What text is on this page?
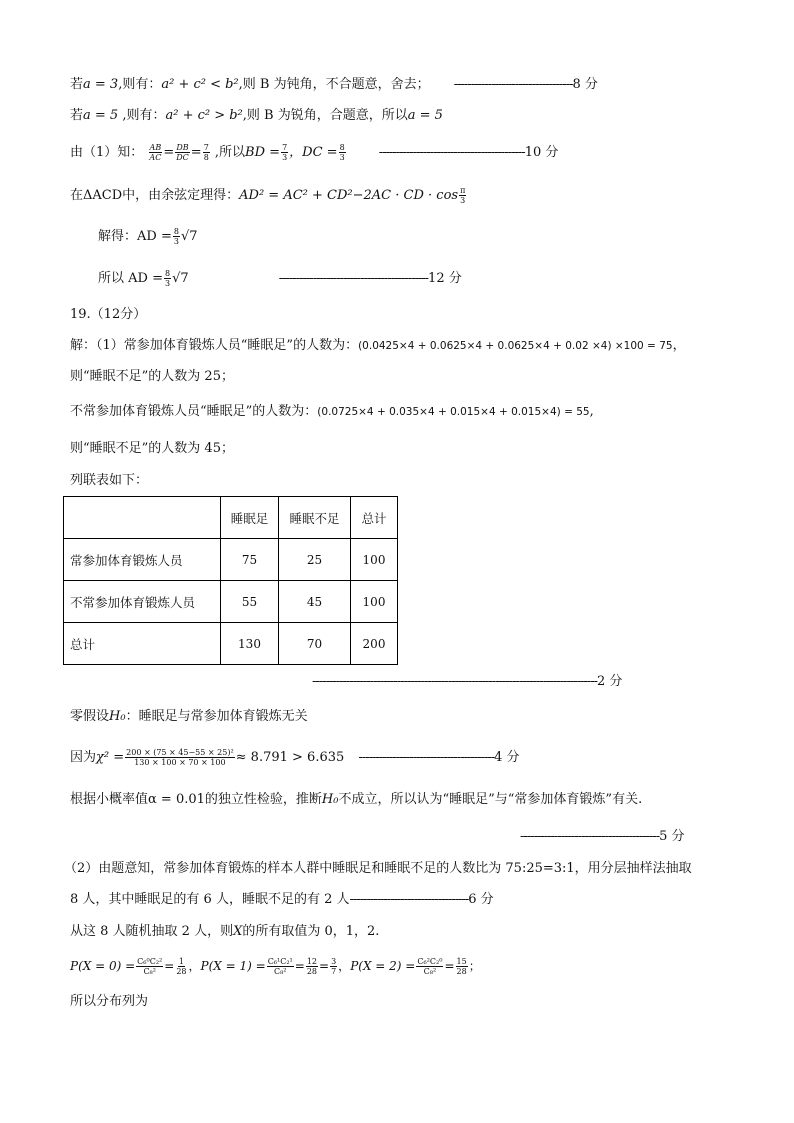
若a = 3,则有：a² + c² < b²,则 B 为钝角，不合题意，舍去； -----------------------------------8 分
若a = 5 ,则有：a² + c² > b²,则 B 为锐角，合题意，所以a = 5
由（1）知： $\frac{AB}{AC} = \frac{DB}{DC} = \frac{7}{8}$ ,所以BD = $\frac{7}{3}$ ，DC = $\frac{8}{3}$	-------------------------------------------10 分
在ΔACD中，由余弦定理得：AD² = AC² + CD²−2AC · CD · $\cos \frac{\pi}{3}$
解得：AD = $\frac{8}{3} √7$
所以 AD = $\frac{8}{3} √7$	--------------------------------------------12 分
19.（12分）
解：（1）常参加体育锻炼人员“睡眠足”的人数为：(0.0425×4 + 0.0625×4 + 0.0625×4 + 0.02 ×4) ×100 = 75，
则“睡眠不足”的人数为 25；
不常参加体育锻炼人员“睡眠足”的人数为：(0.0725×4 + 0.035×4 + 0.015×4 + 0.015×4) = 55,
则“睡眠不足”的人数为 45；
列联表如下：
	睡眠足	睡眠不足	总计
常参加体育锻炼人员	75	25	100
不常参加体育锻炼人员	55	45	100
总计	130	70	200
------------------------------------------------------------------------------------2 分
零假设H₀：睡眠足与常参加体育锻炼无关
因为$\chi^2 = \frac{\text{200 × (75 × 45−55 × 25)²}}{130 \times 100 \times 70 \times 100} \approx 8.791 > 6.635$ ----------------------------------------4 分
根据小概率值α = 0.01的独立性检验，推断H₀不成立，所以认为“睡眠足”与“常参加体育锻炼”有关.
-----------------------------------------5 分
（2）由题意知，常参加体育锻炼的样本人群中睡眠足和睡眠不足的人数比为 75:25=3:1，用分层抽样法抽取
8 人，其中睡眠足的有 6 人，睡眠不足的有 2 人-----------------------------------6 分
从这 8 人随机抽取 2 人，则X的所有取值为 0，1，2.
$P(X = 0) = \frac{\text{C₆⁰C₂²}}{\text{C₈²}} = \frac{1}{28}$ ，$P(X = 1) = \frac{\text{C₆¹C₂¹}}{\text{C₈²}} = \frac{12}{28} = \frac{3}{7}$ ，$P(X = 2) = \frac{\text{C₆²C₂⁰}}{\text{C₈²}} = \frac{15}{28}$ ；
所以分布列为
